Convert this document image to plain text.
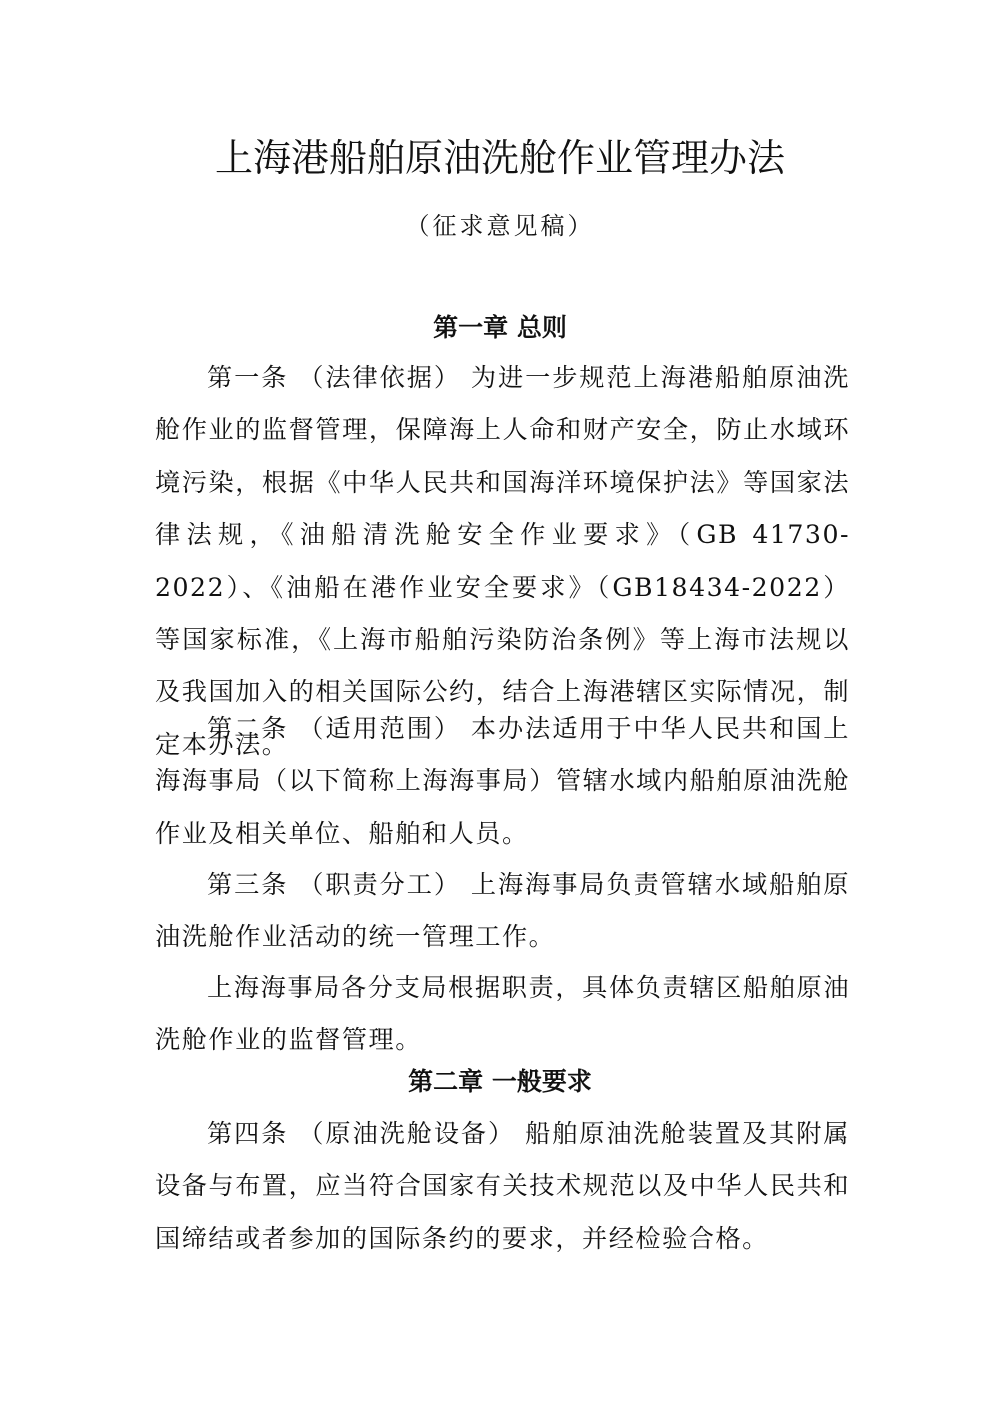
上海港船舶原油洗舱作业管理办法
（征求意见稿）
第一章 总则

第一条 （法律依据） 为进一步规范上海港船舶原油洗舱作业的监督管理，保障海上人命和财产安全，防止水域环境污染，根据《中华人民共和国海洋环境保护法》等国家法律法规，《油船清洗舱安全作业要求》（GB 41730-2022）、《油船在港作业安全要求》（GB18434-2022）等国家标准，《上海市船舶污染防治条例》等上海市法规以及我国加入的相关国际公约，结合上海港辖区实际情况，制定本办法。

第二条 （适用范围） 本办法适用于中华人民共和国上海海事局（以下简称上海海事局）管辖水域内船舶原油洗舱作业及相关单位、船舶和人员。

第三条 （职责分工） 上海海事局负责管辖水域船舶原油洗舱作业活动的统一管理工作。

上海海事局各分支局根据职责，具体负责辖区船舶原油洗舱作业的监督管理。

第二章 一般要求

第四条 （原油洗舱设备） 船舶原油洗舱装置及其附属设备与布置，应当符合国家有关技术规范以及中华人民共和国缔结或者参加的国际条约的要求，并经检验合格。
